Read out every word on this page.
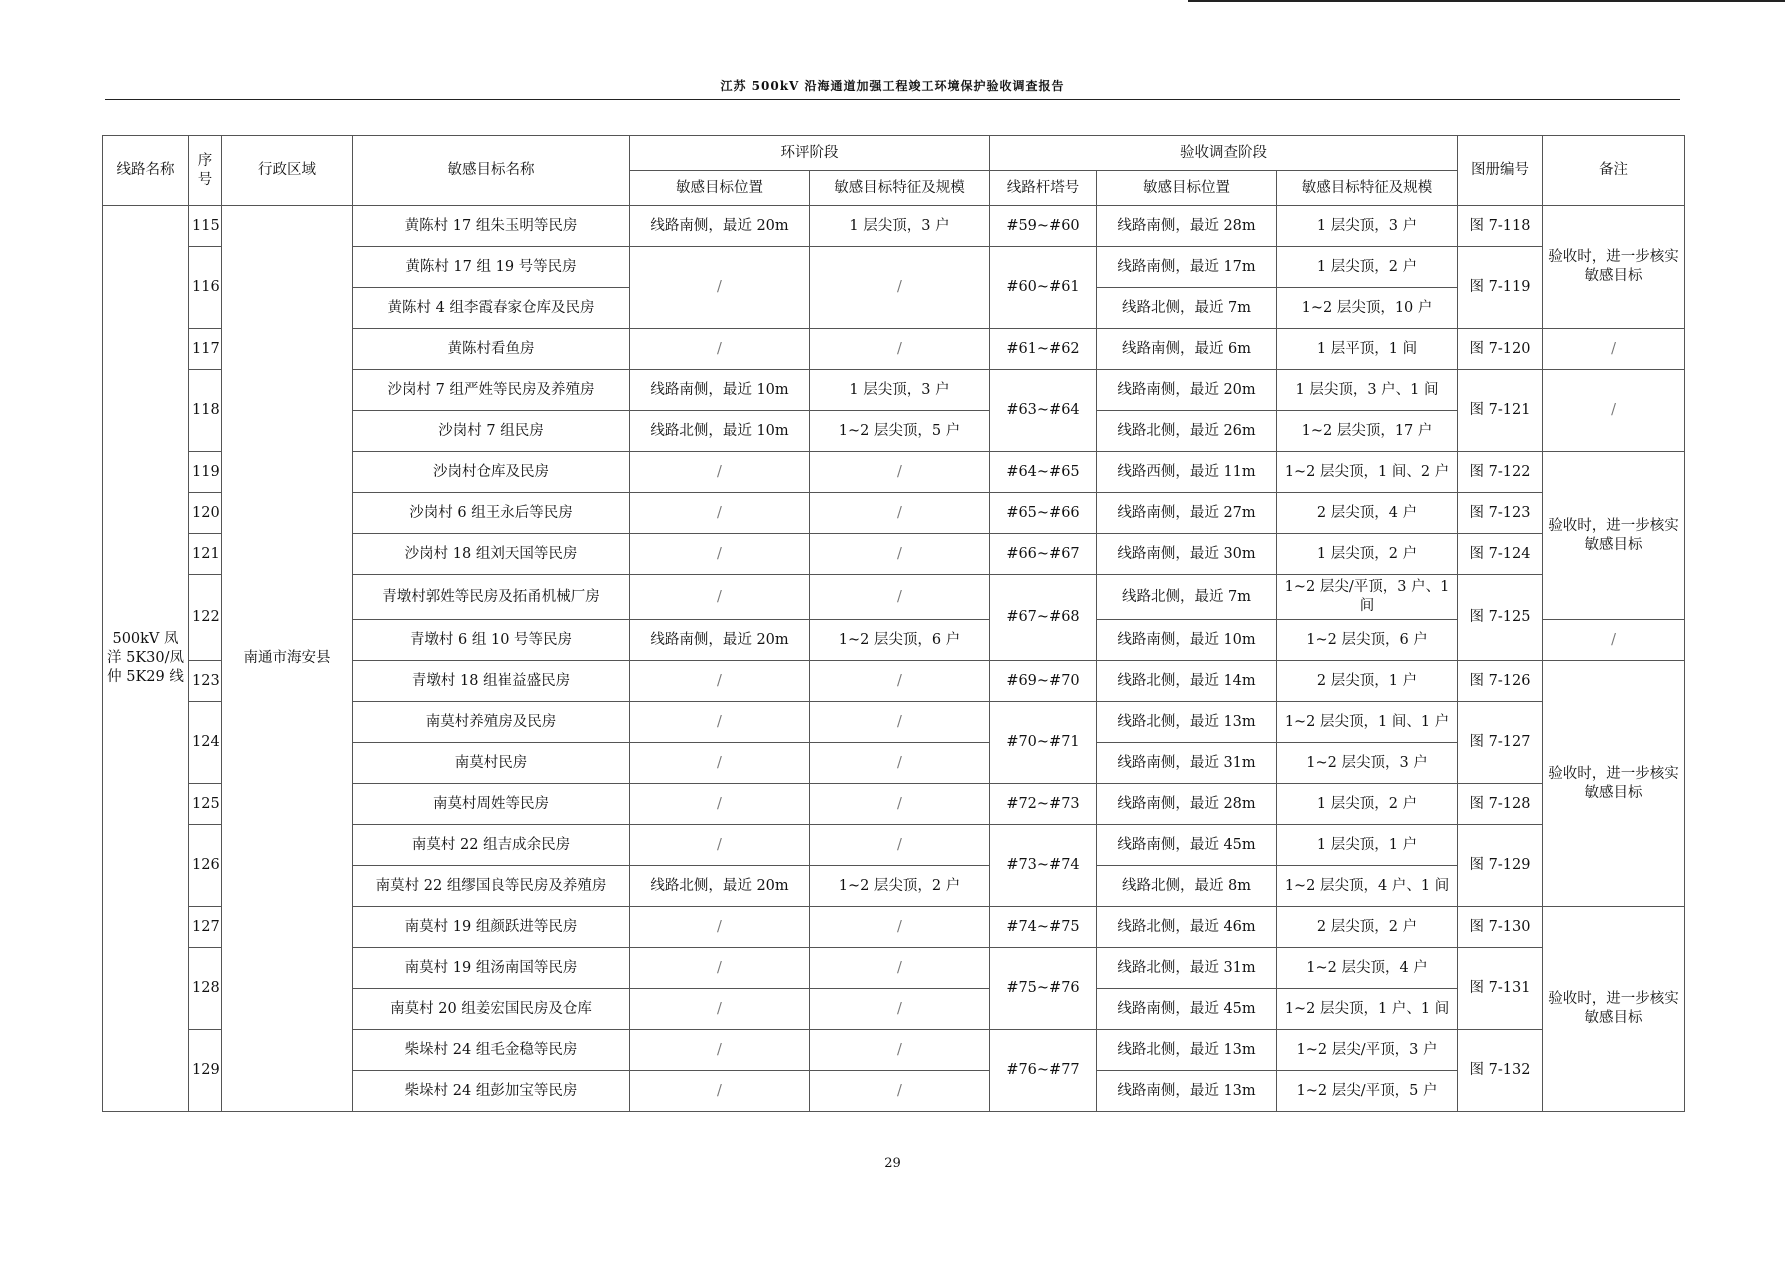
江苏 500kV 沿海通道加强工程竣工环境保护验收调查报告
线路名称	序号	行政区域	敏感目标名称	环评阶段		验收调查阶段			图册编号	备注
				敏感目标位置	敏感目标特征及规模	线路杆塔号	敏感目标位置	敏感目标特征及规模		
500kV 凤洋 5K30/凤仲 5K29 线	115	南通市海安县	黄陈村 17 组朱玉明等民房	线路南侧，最近 20m	1 层尖顶，3 户	#59~#60	线路南侧，最近 28m	1 层尖顶，3 户	图 7-118	验收时，进一步核实敏感目标
	116		黄陈村 17 组 19 号等民房	/	/	#60~#61	线路南侧，最近 17m	1 层尖顶，2 户	图 7-119	
			黄陈村 4 组李霞春家仓库及民房				线路北侧，最近 7m	1~2 层尖顶，10 户		
	117		黄陈村看鱼房	/	/	#61~#62	线路南侧，最近 6m	1 层平顶，1 间	图 7-120	/
	118		沙岗村 7 组严姓等民房及养殖房	线路南侧，最近 10m	1 层尖顶，3 户	#63~#64	线路南侧，最近 20m	1 层尖顶，3 户、1 间	图 7-121	/
			沙岗村 7 组民房	线路北侧，最近 10m	1~2 层尖顶，5 户		线路北侧，最近 26m	1~2 层尖顶，17 户		
	119		沙岗村仓库及民房	/	/	#64~#65	线路西侧，最近 11m	1~2 层尖顶，1 间、2 户	图 7-122	验收时，进一步核实敏感目标
	120		沙岗村 6 组王永后等民房	/	/	#65~#66	线路南侧，最近 27m	2 层尖顶，4 户	图 7-123	
	121		沙岗村 18 组刘天国等民房	/	/	#66~#67	线路南侧，最近 30m	1 层尖顶，2 户	图 7-124	
	122		青墩村郭姓等民房及拓甬机械厂房	/	/	#67~#68	线路北侧，最近 7m	1~2 层尖/平顶，3 户、1 间	图 7-125	
			青墩村 6 组 10 号等民房	线路南侧，最近 20m	1~2 层尖顶，6 户		线路南侧，最近 10m	1~2 层尖顶，6 户		/
	123		青墩村 18 组崔益盛民房	/	/	#69~#70	线路北侧，最近 14m	2 层尖顶，1 户	图 7-126	验收时，进一步核实敏感目标
	124		南莫村养殖房及民房	/	/	#70~#71	线路北侧，最近 13m	1~2 层尖顶，1 间、1 户	图 7-127	
			南莫村民房	/	/		线路南侧，最近 31m	1~2 层尖顶，3 户		
	125		南莫村周姓等民房	/	/	#72~#73	线路南侧，最近 28m	1 层尖顶，2 户	图 7-128	
	126		南莫村 22 组吉成余民房	/	/	#73~#74	线路南侧，最近 45m	1 层尖顶，1 户	图 7-129	
			南莫村 22 组缪国良等民房及养殖房	线路北侧，最近 20m	1~2 层尖顶，2 户		线路北侧，最近 8m	1~2 层尖顶，4 户、1 间		
	127		南莫村 19 组颜跃进等民房	/	/	#74~#75	线路北侧，最近 46m	2 层尖顶，2 户	图 7-130	验收时，进一步核实敏感目标
	128		南莫村 19 组汤南国等民房	/	/	#75~#76	线路北侧，最近 31m	1~2 层尖顶，4 户	图 7-131	
			南莫村 20 组姜宏国民房及仓库	/	/		线路南侧，最近 45m	1~2 层尖顶，1 户、1 间		
	129		柴垛村 24 组毛金稳等民房	/	/	#76~#77	线路北侧，最近 13m	1~2 层尖/平顶，3 户	图 7-132	
			柴垛村 24 组彭加宝等民房	/	/		线路南侧，最近 13m	1~2 层尖/平顶，5 户		
29
